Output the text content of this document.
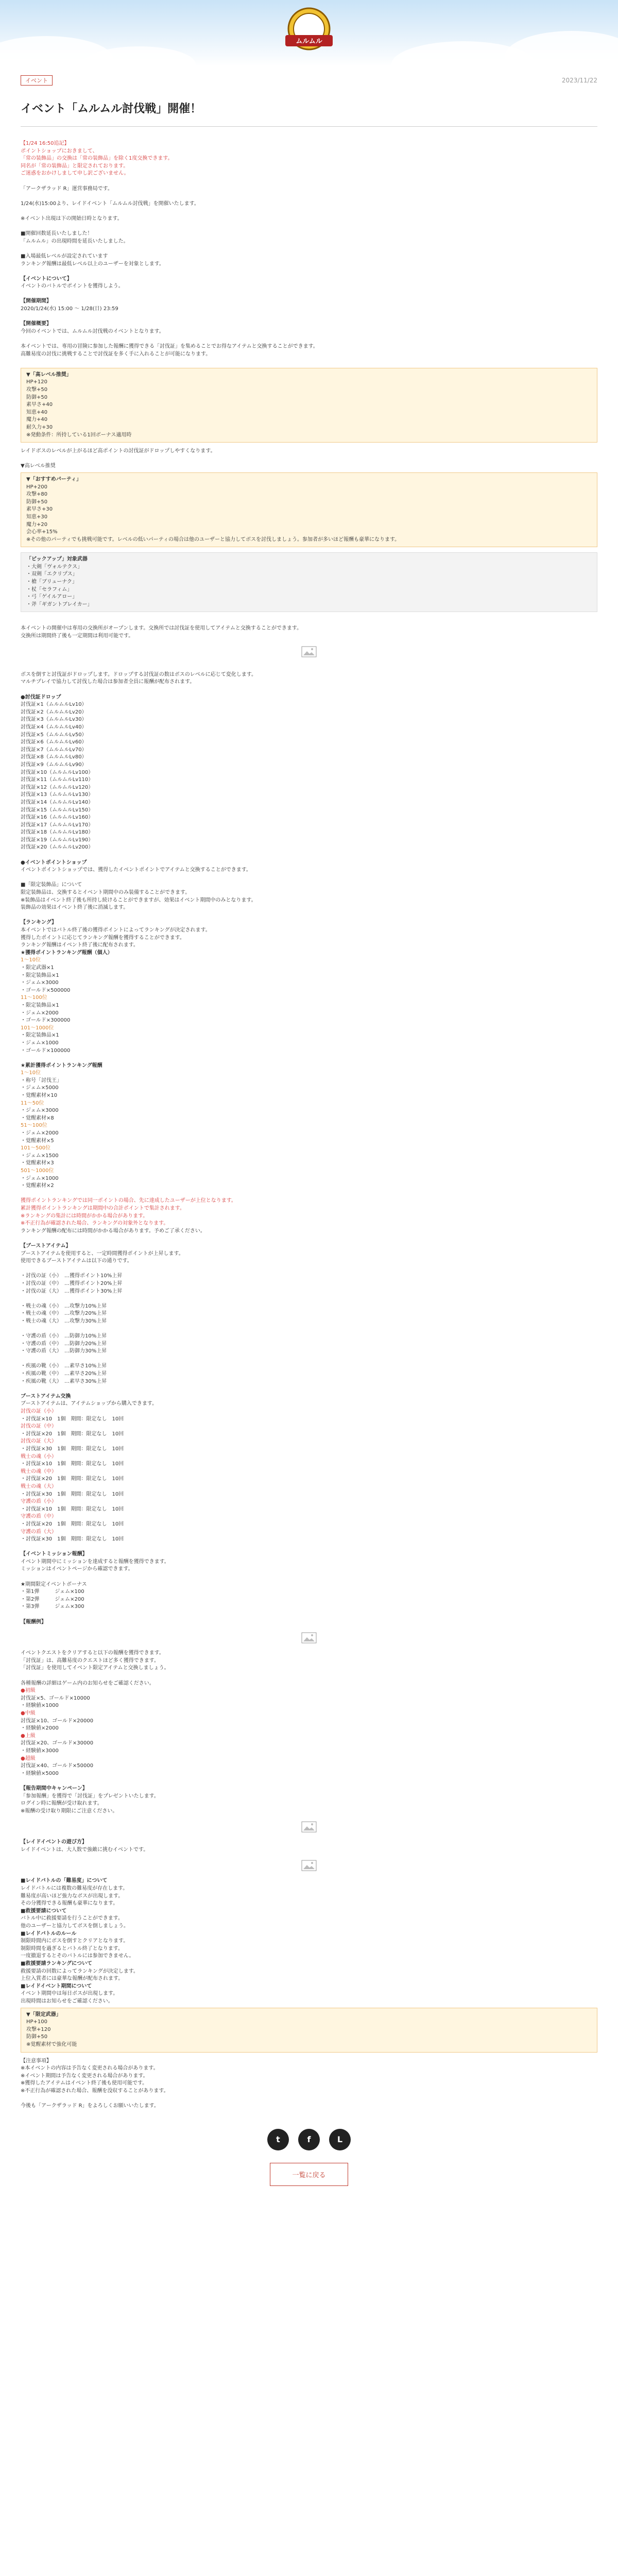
ムルムル
イベント	2023/11/22
イベント「ムルムル討伐戦」開催！
【1/24 16:50追記】
ポイントショップにおきまして、
「常の装飾品」の交換は「常の装飾品」を除く1度交換できます。
同名が「常の装飾品」と限定されております。
ご迷惑をおかけしまして申し訳ございません。
「アークザラッド R」運営事務局です。
1/24(水)15:00より、レイドイベント「ムルムル討伐戦」を開催いたします。
※イベント出現は下の開始日時となります。
■開催回数延長いたしました！
「ムルムル」の出現時間を延長いたしました。
■入場最低レベルが設定されています
ランキング報酬は最低レベル以上のユーザーを対象とします。
【イベントについて】
イベントのバトルでポイントを獲得しよう。
【開催期間】
2020/1/24(水) 15:00 ～ 1/28(日) 23:59
【開催概要】
今回のイベントでは、ムルムル討伐戦のイベントとなります。
本イベントでは、専用の冒険に参加した報酬に獲得できる「討伐証」を集めることでお得なアイテムと交換することができます。
高難易度の討伐に挑戦することで討伐証を多く手に入れることが可能になります。
▼「高レベル推奨」
HP+120
攻撃+50
防御+50
素早さ+40
知恵+40
魔力+40
耐久力+30
※発動条件：所持している1回ボーナス適用時
レイドボスのレベルが上がるほど高ポイントの討伐証がドロップしやすくなります。
▼高レベル推奨
▼「おすすめパーティ」
HP+200
攻撃+80
防御+50
素早さ+30
知恵+30
魔力+20
会心率+15%
※その他のパーティでも挑戦可能です。レベルの低いパーティの場合は他のユーザーと協力してボスを討伐しましょう。参加者が多いほど報酬も豪華になります。
「ピックアップ」対象武器
・大剣「ヴォルテクス」
・双剣「エクリプス」
・槍「ブリューナク」
・杖「セラフィム」
・弓「ゲイルアロー」
・斧「ギガントブレイカー」
本イベントの開催中は専用の交換所がオープンします。交換所では討伐証を使用してアイテムと交換することができます。
交換所は期間終了後も一定期間は利用可能です。
ボスを倒すと討伐証がドロップします。ドロップする討伐証の数はボスのレベルに応じて変化します。
マルチプレイで協力して討伐した場合は参加者全員に報酬が配布されます。
●討伐証ドロップ
討伐証×1（ムルムルLv10）
討伐証×2（ムルムルLv20）
討伐証×3（ムルムルLv30）
討伐証×4（ムルムルLv40）
討伐証×5（ムルムルLv50）
討伐証×6（ムルムルLv60）
討伐証×7（ムルムルLv70）
討伐証×8（ムルムルLv80）
討伐証×9（ムルムルLv90）
討伐証×10（ムルムルLv100）
討伐証×11（ムルムルLv110）
討伐証×12（ムルムルLv120）
討伐証×13（ムルムルLv130）
討伐証×14（ムルムルLv140）
討伐証×15（ムルムルLv150）
討伐証×16（ムルムルLv160）
討伐証×17（ムルムルLv170）
討伐証×18（ムルムルLv180）
討伐証×19（ムルムルLv190）
討伐証×20（ムルムルLv200）
●イベントポイントショップ
イベントポイントショップでは、獲得したイベントポイントでアイテムと交換することができます。
■「限定装飾品」について
限定装飾品は、交換するとイベント期間中のみ装備することができます。
※装飾品はイベント終了後も所持し続けることができますが、効果はイベント期間中のみとなります。
装飾品の効果はイベント終了後に消滅します。
【ランキング】
本イベントではバトル終了後の獲得ポイントによってランキングが決定されます。
獲得したポイントに応じてランキング報酬を獲得することができます。
ランキング報酬はイベント終了後に配布されます。
★獲得ポイントランキング報酬（個人）
1～10位
・限定武器×1
・限定装飾品×1
・ジェム×3000
・ゴールド×500000
11～100位
・限定装飾品×1
・ジェム×2000
・ゴールド×300000
101～1000位
・限定装飾品×1
・ジェム×1000
・ゴールド×100000
★累計獲得ポイントランキング報酬
1～10位
・称号「討伐王」
・ジェム×5000
・覚醒素材×10
11～50位
・ジェム×3000
・覚醒素材×8
51～100位
・ジェム×2000
・覚醒素材×5
101～500位
・ジェム×1500
・覚醒素材×3
501～1000位
・ジェム×1000
・覚醒素材×2
獲得ポイントランキングでは同一ポイントの場合、先に達成したユーザーが上位となります。
累計獲得ポイントランキングは期間中の合計ポイントで集計されます。
※ランキングの集計には時間がかかる場合があります。
※不正行為が確認された場合、ランキングの対象外となります。
ランキング報酬の配布には時間がかかる場合があります。予めご了承ください。
【ブーストアイテム】
ブーストアイテムを使用すると、一定時間獲得ポイントが上昇します。
使用できるブーストアイテムは以下の通りです。
・討伐の証（小）　…獲得ポイント10%上昇
・討伐の証（中）　…獲得ポイント20%上昇
・討伐の証（大）　…獲得ポイント30%上昇
・戦士の魂（小）　…攻撃力10%上昇
・戦士の魂（中）　…攻撃力20%上昇
・戦士の魂（大）　…攻撃力30%上昇
・守護の盾（小）　…防御力10%上昇
・守護の盾（中）　…防御力20%上昇
・守護の盾（大）　…防御力30%上昇
・疾風の靴（小）　…素早さ10%上昇
・疾風の靴（中）　…素早さ20%上昇
・疾風の靴（大）　…素早さ30%上昇
ブーストアイテム交換
ブーストアイテムは、アイテムショップから購入できます。
討伐の証（小）
・討伐証×10　1個　期間：限定なし　10回
討伐の証（中）
・討伐証×20　1個　期間：限定なし　10回
討伐の証（大）
・討伐証×30　1個　期間：限定なし　10回
戦士の魂（小）
・討伐証×10　1個　期間：限定なし　10回
戦士の魂（中）
・討伐証×20　1個　期間：限定なし　10回
戦士の魂（大）
・討伐証×30　1個　期間：限定なし　10回
守護の盾（小）
・討伐証×10　1個　期間：限定なし　10回
守護の盾（中）
・討伐証×20　1個　期間：限定なし　10回
守護の盾（大）
・討伐証×30　1個　期間：限定なし　10回
【イベントミッション報酬】
イベント期間中にミッションを達成すると報酬を獲得できます。
ミッションはイベントページから確認できます。
★期間限定イベントボーナス
・第1弾　　　ジェム×100
・第2弾　　　ジェム×200
・第3弾　　　ジェム×300
【報酬例】
イベントクエストをクリアすると以下の報酬を獲得できます。
「討伐証」は、高難易度のクエストほど多く獲得できます。
「討伐証」を使用してイベント限定アイテムと交換しましょう。
各種報酬の詳細はゲーム内のお知らせをご確認ください。
●初級
討伐証×5、ゴールド×10000
・経験値×1000
●中級
討伐証×10、ゴールド×20000
・経験値×2000
●上級
討伐証×20、ゴールド×30000
・経験値×3000
●超級
討伐証×40、ゴールド×50000
・経験値×5000
【報告期間中キャンペーン】
「参加報酬」を獲得で「討伐証」をプレゼントいたします。
ログイン時に報酬が受け取れます。
※報酬の受け取り期限にご注意ください。
【レイドイベントの遊び方】
レイドイベントは、大人数で強敵に挑むイベントです。
■レイドバトルの「難易度」について
レイドバトルには複数の難易度が存在します。
難易度が高いほど強力なボスが出現します。
その分獲得できる報酬も豪華になります。
■救援要請について
バトル中に救援要請を行うことができます。
他のユーザーと協力してボスを倒しましょう。
■レイドバトルのルール
制限時間内にボスを倒すとクリアとなります。
制限時間を過ぎるとバトル終了となります。
一度撤退するとそのバトルには参加できません。
■救援要請ランキングについて
救援要請の回数によってランキングが決定します。
上位入賞者には豪華な報酬が配布されます。
■レイドイベント期間について
イベント期間中は毎日ボスが出現します。
出現時間はお知らせをご確認ください。
▼「限定武器」
HP+100
攻撃+120
防御+50
※覚醒素材で強化可能
【注意事項】
※本イベントの内容は予告なく変更される場合があります。
※イベント期間は予告なく変更される場合があります。
※獲得したアイテムはイベント終了後も使用可能です。
※不正行為が確認された場合、報酬を没収することがあります。
今後も「アークザラッド R」をよろしくお願いいたします。
t	f	L
一覧に戻る
